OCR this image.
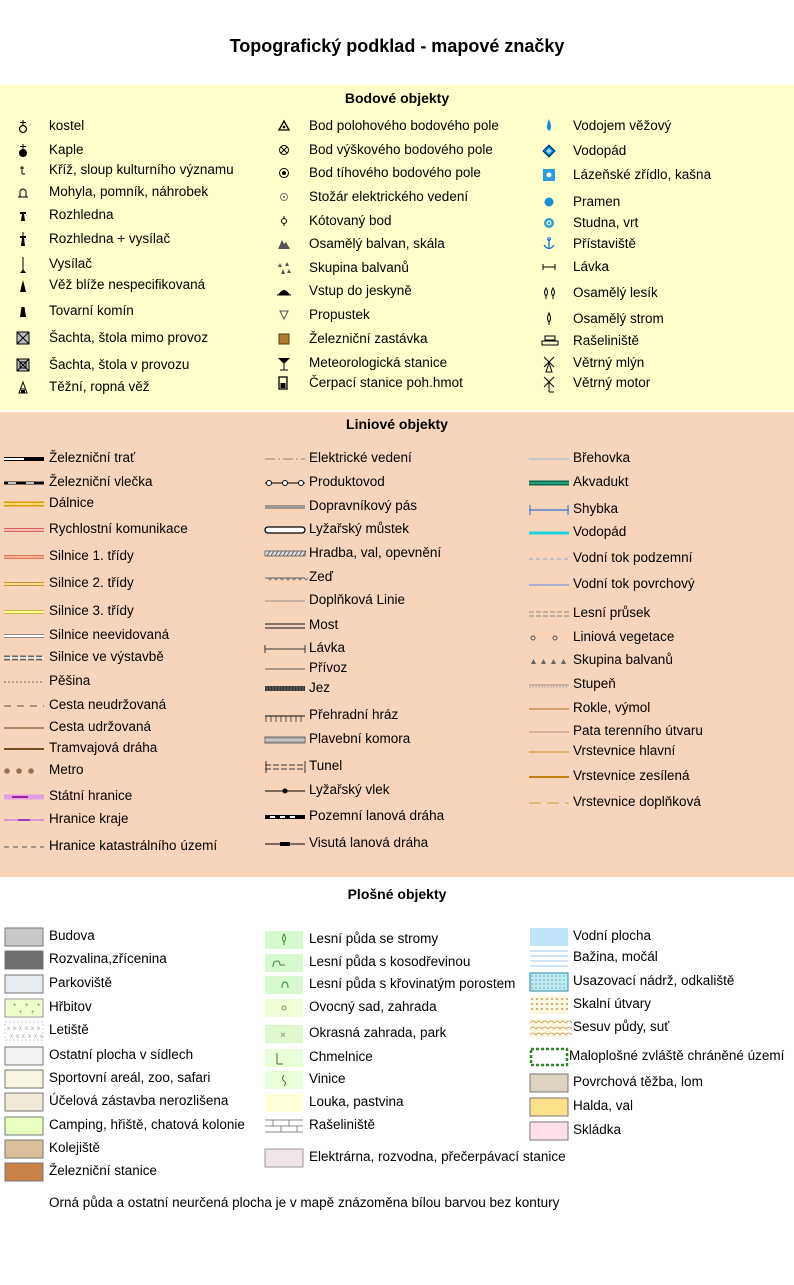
Topografický podklad - mapové značky
Bodové objekty
Liniové objekty
Plošné objekty
kostel
Kaple
Kříž, sloup kulturního významu
Mohyla, pomník, náhrobek
Rozhledna
Rozhledna + vysílač
Vysílač
Věž blíže nespecifikovaná
Tovarní komín
Šachta, štola mimo provoz
Šachta, štola v provozu
Těžní, ropná věž
Bod polohového bodového pole
Bod výškového bodového pole
Bod tíhového bodového pole
Stožár elektrického vedení
Kótovaný bod
Osamělý balvan, skála
Skupina balvanů
Vstup do jeskyně
Propustek
Železniční zastávka
Meteorologická stanice
Čerpací stanice poh.hmot
Vodojem věžový
Vodopád
Lázeňské zřídlo, kašna
Pramen
Studna, vrt
Přístaviště
Lávka
Osamělý lesík
Osamělý strom
Rašeliniště
Větrný mlýn
Větrný motor
Železniční trať
Železniční vlečka
Dálnice
Rychlostní komunikace
Silnice 1. třídy
Silnice 2. třídy
Silnice 3. třídy
Silnice neevidovaná
Silnice ve výstavbě
Pěšina
Cesta neudržovaná
Cesta udržovaná
Tramvajová dráha
Metro
Státní hranice
Hranice kraje
Hranice katastrálního území
Elektrické vedení
Produktovod
Dopravníkový pás
Lyžařský můstek
Hradba, val, opevnění
Zeď
Doplňková Linie
Most
Lávka
Přívoz
Jez
Přehradní hráz
Plavební komora
Tunel
Lyžařský vlek
Pozemní lanová dráha
Visutá lanová dráha
Břehovka
Akvadukt
Shybka
Vodopád
Vodní tok podzemní
Vodní tok povrchový
Lesní průsek
Liniová vegetace
Skupina balvanů
Stupeň
Rokle, výmol
Pata terenního útvaru
Vrstevnice hlavní
Vrstevnice zesílená
Vrstevnice doplňková
Budova
Rozvalina,zřícenina
Parkoviště
+ + +
+ + Hřbitov
x
x
x
x
x
x
x
x
x
x
x
x Letiště
Ostatní plocha v sídlech
Sportovní areál, zoo, safari
Účelová zástavba nerozlišena
Camping, hřiště, chatová kolonie
Kolejiště
Železniční stanice
Lesní půda se stromy
Lesní půda s kosodřevinou
Lesní půda s křovinatým porostem
Ovocný sad, zahrada
× Okrasná zahrada, park
Chmelnice
Vinice
Louka, pastvina
Rašeliniště
Elektrárna, rozvodna, přečerpávací stanice
Vodní plocha
Bažina, močál
Usazovací nádrž, odkaliště
Skalní útvary
Sesuv půdy, suť
Maloplošné zvláště chráněné území
Povrchová těžba, lom
Halda, val
Skládka
Orná půda a ostatní neurčená plocha je v mapě znázoměna bílou barvou bez kontury
